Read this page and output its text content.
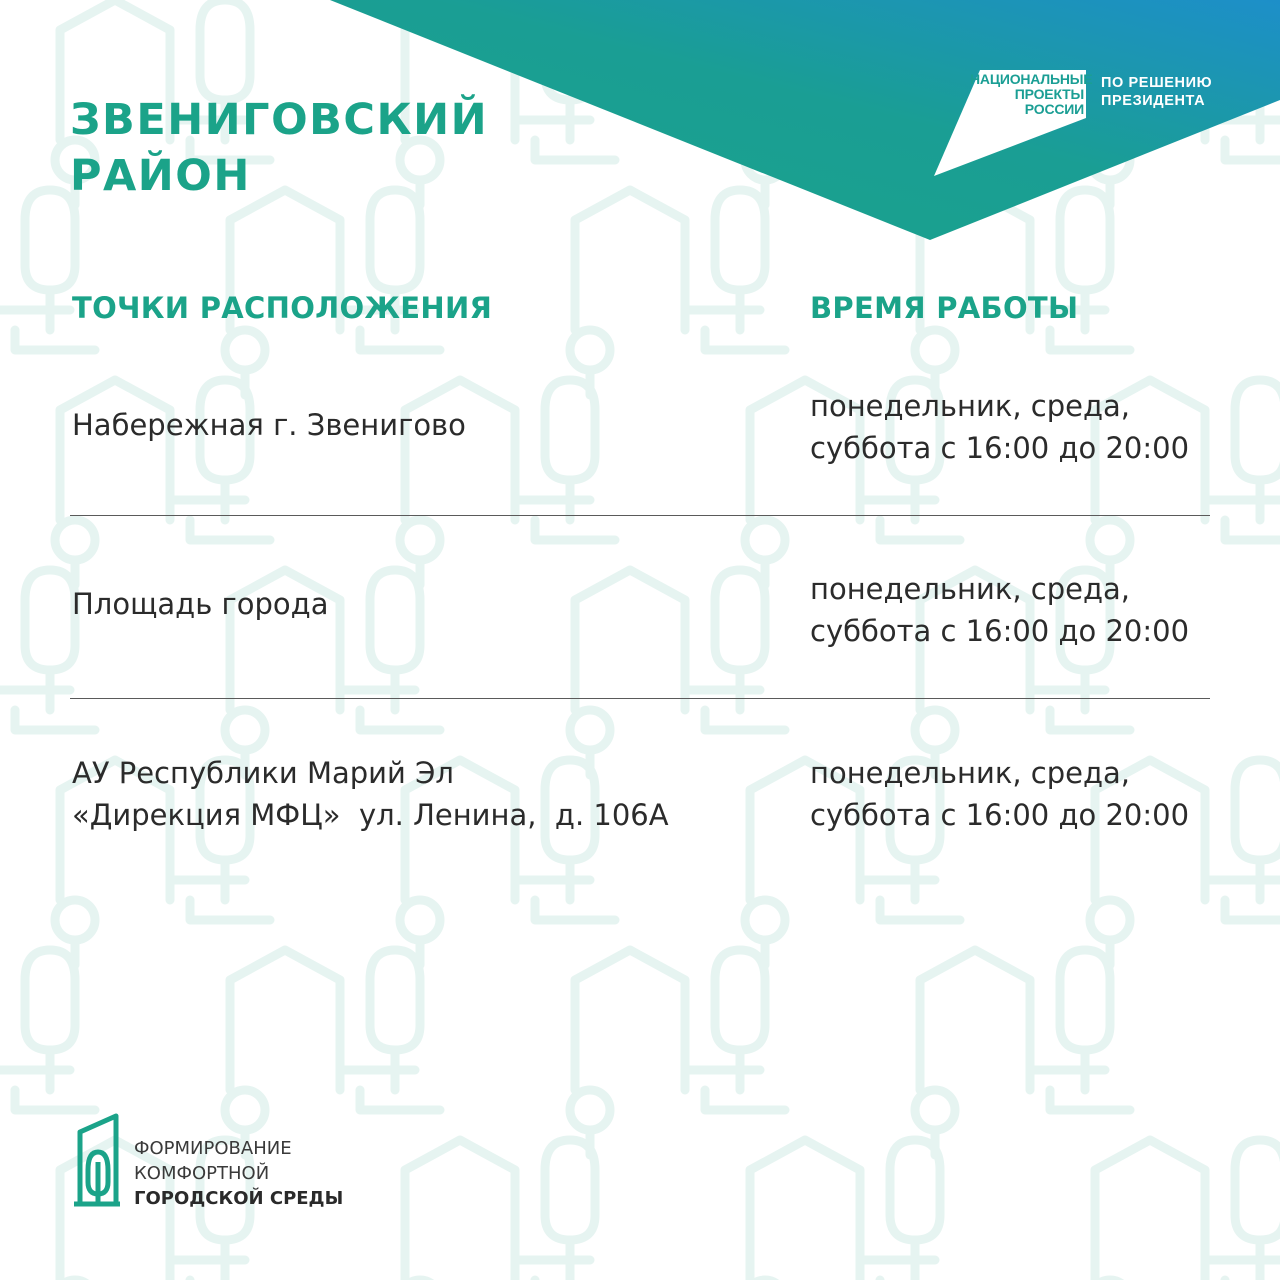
НАЦИОНАЛЬНЫЕ
ПРОЕКТЫ
РОССИИ
ПО РЕШЕНИЮ
ПРЕЗИДЕНТА
ЗВЕНИГОВСКИЙ
РАЙОН
ТОЧКИ РАСПОЛОЖЕНИЯ	ВРЕМЯ РАБОТЫ
Набережная г. Звенигово
понедельник, среда,
суббота с 16:00 до 20:00
Площадь города	понедельник, среда,
суббота с 16:00 до 20:00
АУ Республики Марий Эл
«Дирекция МФЦ»  ул. Ленина,  д. 106А
понедельник, среда,
суббота с 16:00 до 20:00
ФОРМИРОВАНИЕ
КОМФОРТНОЙ
ГОРОДСКОЙ СРЕДЫ
